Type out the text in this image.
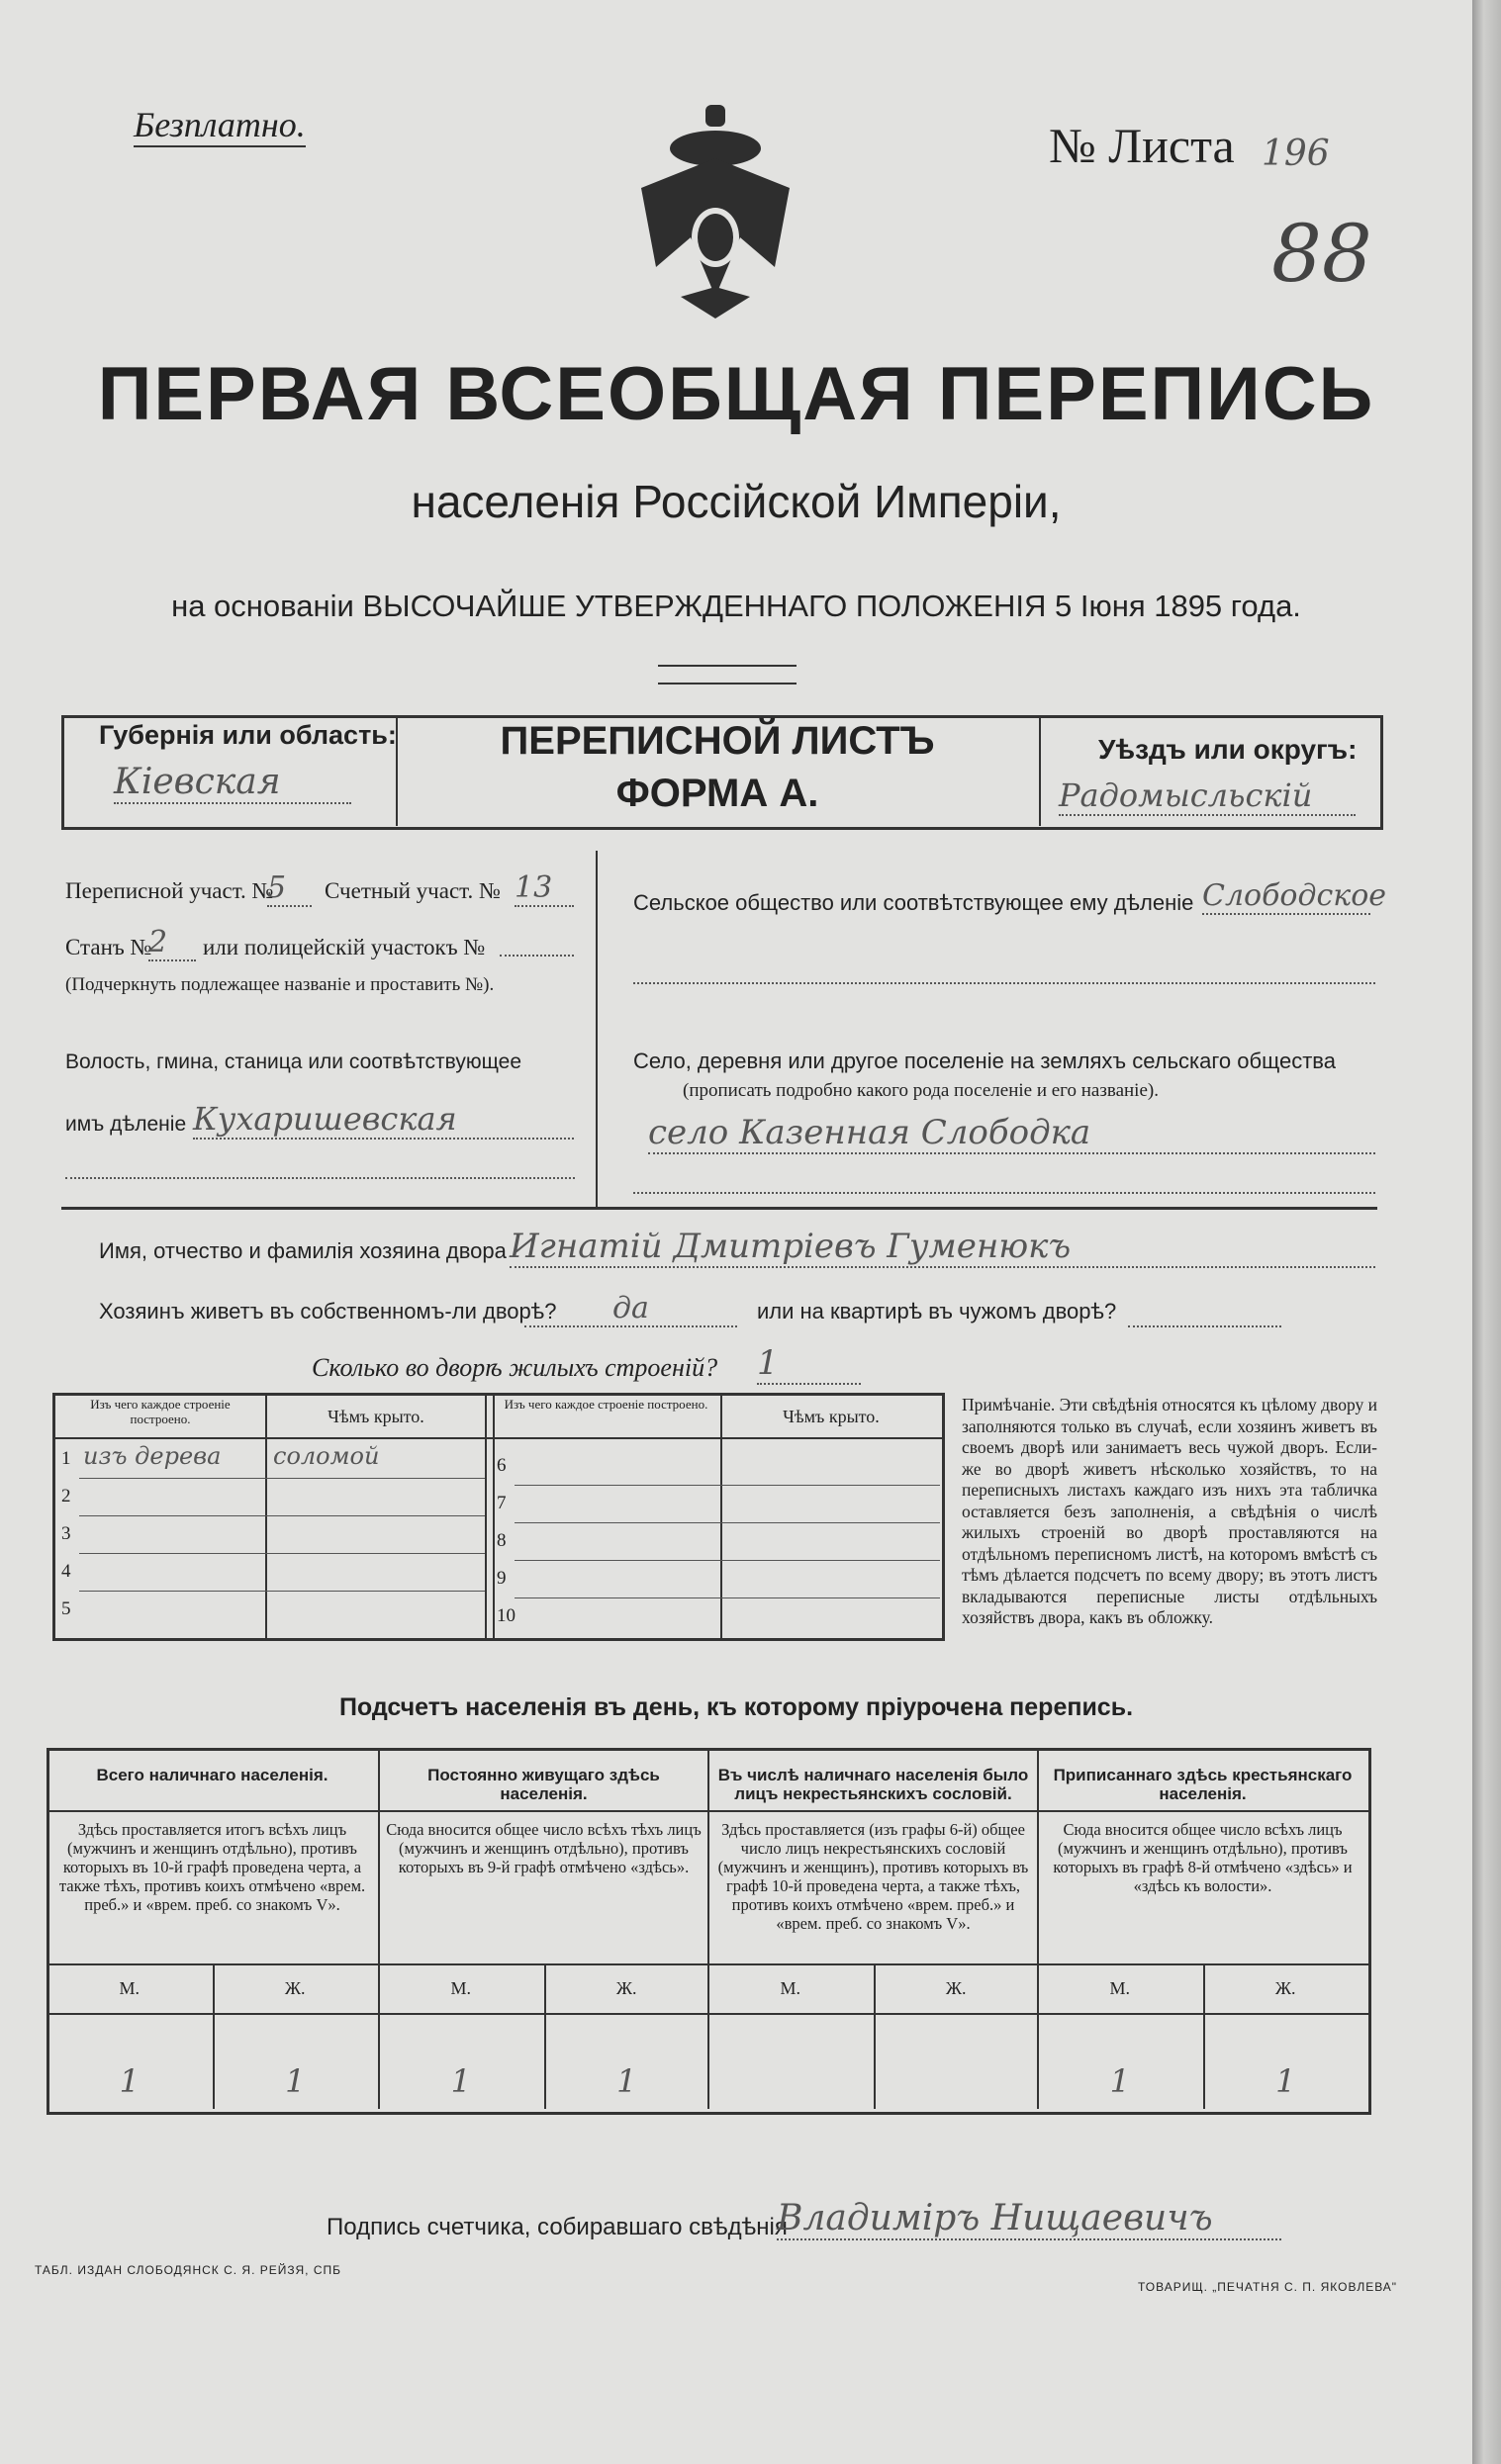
Безплатно.	№ Листа 196
88
ПЕРВАЯ ВСЕОБЩАЯ ПЕРЕПИСЬ
населенія Россійской Имперіи,
на основаніи ВЫСОЧАЙШЕ УТВЕРЖДЕННАГО ПОЛОЖЕНІЯ 5 Іюня 1895 года.
Губернія или область:
Кіевская
ПЕРЕПИСНОЙ ЛИСТЪ
ФОРМА А.
Уѣздъ или округъ:
Радомысльскій
Переписной участ. №
5	Счетный участ. № 13
Станъ №
2	или полицейскій участокъ №
(Подчеркнуть подлежащее названіе и проставить №).
Волость, гмина, станица или соотвѣтствующее
имъ дѣленіе Кухаришевская
Сельское общество или соотвѣтствующее ему дѣленіе Слободское
Село, деревня или другое поселеніе на земляхъ сельскаго общества
(прописать подробно какого рода поселеніе и его названіе).
село Казенная Слободка
Имя, отчество и фамилія хозяина двора Игнатій Дмитріевъ Гуменюкъ
Хозяинъ живетъ въ собственномъ-ли дворѣ?	да	или на квартирѣ въ чужомъ дворѣ?
Сколько во дворѣ жилыхъ строеній? 1
Изъ чего каждое строеніе построено.	Чѣмъ крыто.
Изъ чего каждое строеніе построено.
Чѣмъ крыто.
1 изъ дерева	соломой
2
3
4
5
6
7
8
9
10
Примѣчаніе. Эти свѣдѣнія относятся къ цѣлому двору и заполняются только въ случаѣ, если хозяинъ живетъ въ своемъ дворѣ или занимаетъ весь чужой дворъ. Если-же во дворѣ живетъ нѣсколько хозяйствъ, то на переписныхъ листахъ каждаго изъ нихъ эта табличка оставляется безъ заполненія, а свѣдѣнія о числѣ жилыхъ строеній во дворѣ проставляются на отдѣльномъ переписномъ листѣ, на которомъ вмѣстѣ съ тѣмъ дѣлается подсчетъ по всему двору; въ этотъ листъ вкладываются переписные листы отдѣльныхъ хозяйствъ двора, какъ въ обложку.
Подсчетъ населенія въ день, къ которому пріурочена перепись.
Всего наличнаго населенія.
Здѣсь проставляется итогъ всѣхъ лицъ (мужчинъ и женщинъ отдѣльно), противъ которыхъ въ 10-й графѣ проведена черта, а также тѣхъ, противъ коихъ отмѣчено «врем. преб.» и «врем. преб. со знакомъ V».
М.	Ж.
1	1
Постоянно живущаго здѣсь населенія.
Сюда вносится общее число всѣхъ тѣхъ лицъ (мужчинъ и женщинъ отдѣльно), противъ которыхъ въ 9-й графѣ отмѣчено «здѣсь».
М.	Ж.
1	1
Въ числѣ наличнаго населенія было лицъ некрестьянскихъ сословій.
Здѣсь проставляется (изъ графы 6-й) общее число лицъ некрестьянскихъ сословій (мужчинъ и женщинъ), противъ которыхъ въ графѣ 10-й проведена черта, а также тѣхъ, противъ коихъ отмѣчено «врем. преб.» и «врем. преб. со знакомъ V».
М.	Ж.
Приписаннаго здѣсь крестьянскаго населенія.
Сюда вносится общее число всѣхъ лицъ (мужчинъ и женщинъ отдѣльно), противъ которыхъ въ графѣ 8-й отмѣчено «здѣсь» и «здѣсь къ волости».
М.	Ж.
1	1
Подпись счетчика, собиравшаго свѣдѣнія
Владиміръ Нищаевичъ
ТАБЛ. ИЗДАН СЛОБОДЯНСК С. Я. РЕЙЗЯ, СПБ
ТОВАРИЩ. „ПЕЧАТНЯ С. П. ЯКОВЛЕВА"
